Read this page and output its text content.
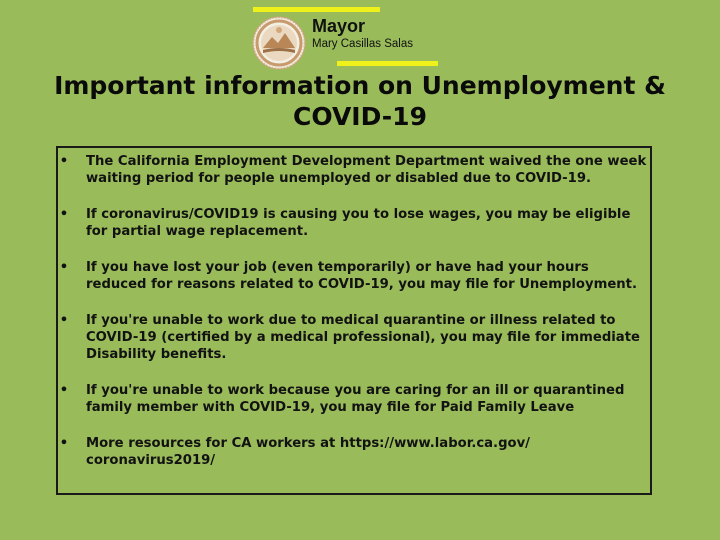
Mayor

Mary Casillas Salas

Important information on Unemployment &
COVID-19
• The California Employment Development Department waived the one week waiting period for people unemployed or disabled due to COVID-19.
• If coronavirus/COVID19 is causing you to lose wages, you may be eligible for partial wage replacement.
• If you have lost your job (even temporarily) or have had your hours reduced for reasons related to COVID-19, you may file for Unemployment.
• If you're unable to work due to medical quarantine or illness related to COVID-19 (certified by a medical professional), you may file for immediate Disability benefits.
• If you're unable to work because you are caring for an ill or quarantined family member with COVID-19, you may file for Paid Family Leave
• More resources for CA workers at https://www.labor.ca.gov/
coronavirus2019/
